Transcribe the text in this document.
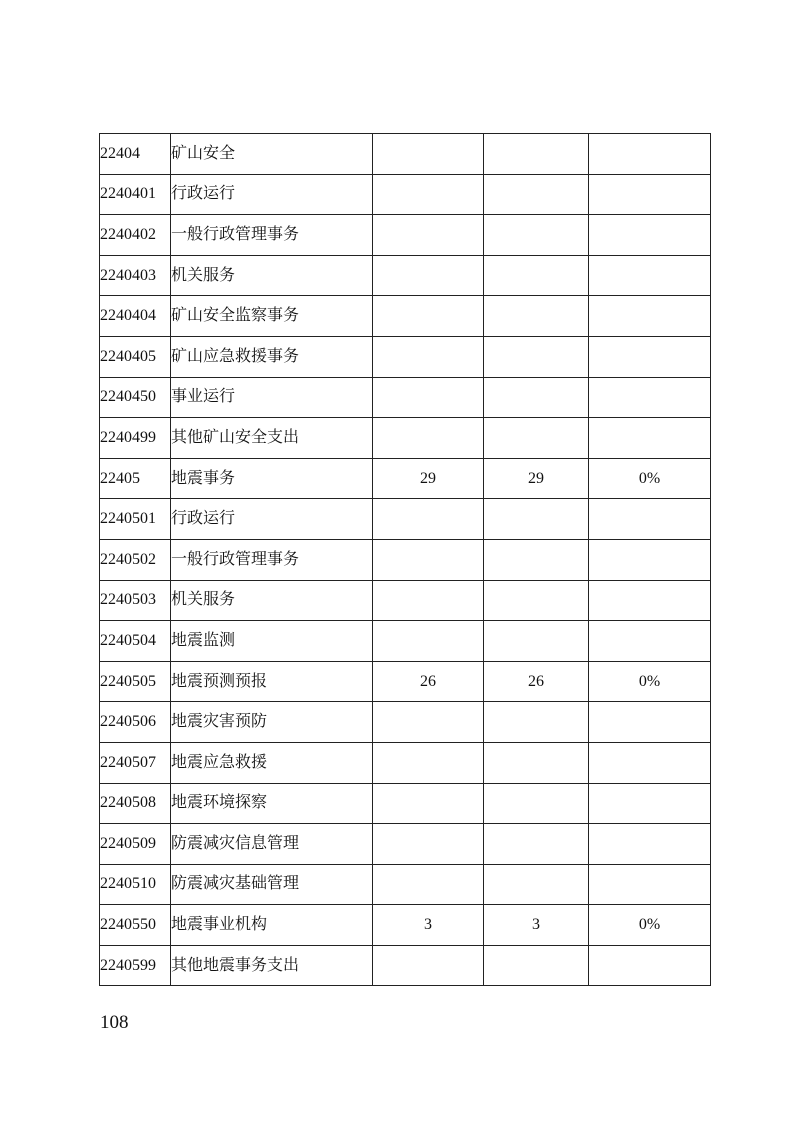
22404	矿山安全			
2240401	行政运行			
2240402	一般行政管理事务			
2240403	机关服务			
2240404	矿山安全监察事务			
2240405	矿山应急救援事务			
2240450	事业运行			
2240499	其他矿山安全支出			
22405	地震事务	29	29	0%
2240501	行政运行			
2240502	一般行政管理事务			
2240503	机关服务			
2240504	地震监测			
2240505	地震预测预报	26	26	0%
2240506	地震灾害预防			
2240507	地震应急救援			
2240508	地震环境探察			
2240509	防震减灾信息管理			
2240510	防震减灾基础管理			
2240550	地震事业机构	3	3	0%
2240599	其他地震事务支出			
108
